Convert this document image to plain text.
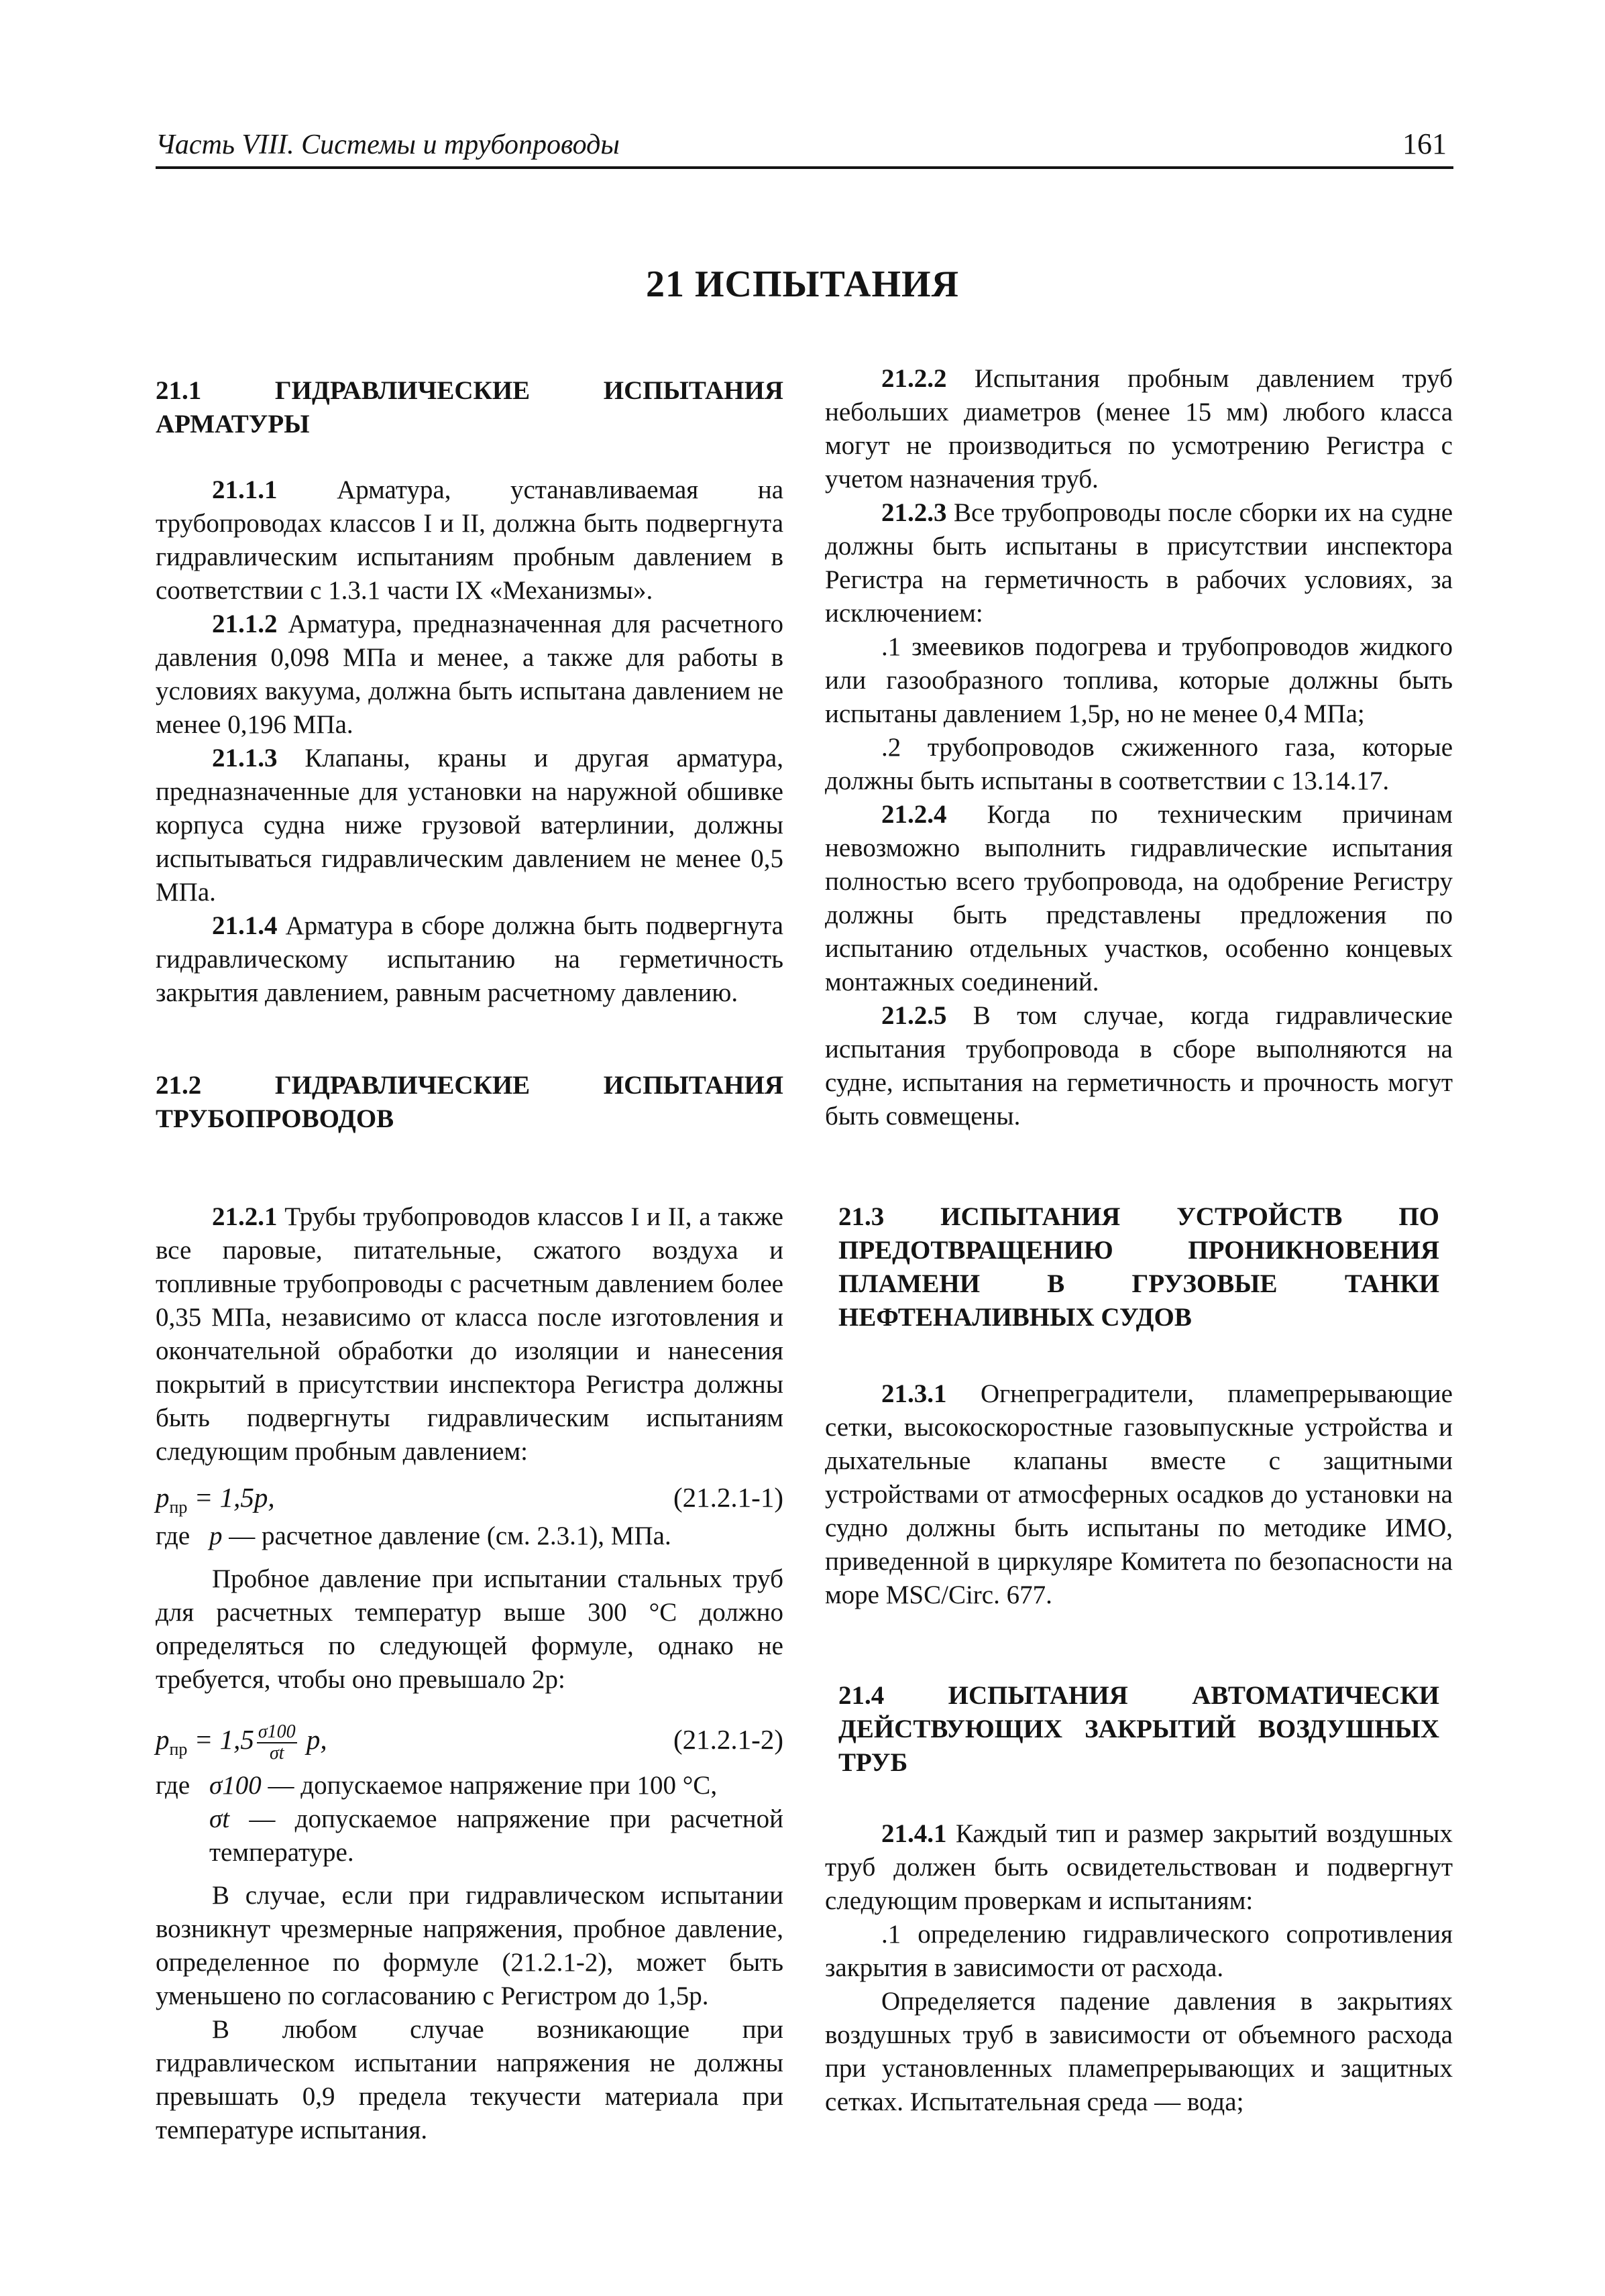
Часть VIII. Системы и трубопроводы	161
21 ИСПЫТАНИЯ

21.1 ГИДРАВЛИЧЕСКИЕ ИСПЫТАНИЯ АРМАТУРЫ

21.1.1 Арматура, устанавливаемая на трубопроводах классов I и II, должна быть подвергнута гидравлическим испытаниям пробным давлением в соответствии с 1.3.1 части IX «Механизмы».

21.1.2 Арматура, предназначенная для расчетного давления 0,098 МПа и менее, а также для работы в условиях вакуума, должна быть испытана давлением не менее 0,196 МПа.

21.1.3 Клапаны, краны и другая арматура, предназначенные для установки на наружной обшивке корпуса судна ниже грузовой ватерлинии, должны испытываться гидравлическим давлением не менее 0,5 МПа.

21.1.4 Арматура в сборе должна быть подвергнута гидравлическому испытанию на герметичность закрытия давлением, равным расчетному давлению.

21.2 ГИДРАВЛИЧЕСКИЕ ИСПЫТАНИЯ ТРУБОПРОВОДОВ

21.2.1 Трубы трубопроводов классов I и II, а также все паровые, питательные, сжатого воздуха и топливные трубопроводы с расчетным давлением более 0,35 МПа, независимо от класса после изготовления и окончательной обработки до изоляции и нанесения покрытий в присутствии инспектора Регистра должны быть подвергнуты гидравлическим испытаниям следующим пробным давлением:

$p_{пр} = 1,5p$,	(21.2.1-1)

где p — расчетное давление (см. 2.3.1), МПа.

Пробное давление при испытании стальных труб для расчетных температур выше 300 °С должно определяться по следующей формуле, однако не требуется, чтобы оно превышало 2p:

$p_{пр} = 1,5 \frac{\sigma 100}{\sigma t} p$,	(21.2.1-2)

где σ100 — допускаемое напряжение при 100 °С,

σt — допускаемое напряжение при расчетной температуре.

В случае, если при гидравлическом испытании возникнут чрезмерные напряжения, пробное давление, определенное по формуле (21.2.1-2), может быть уменьшено по согласованию с Регистром до 1,5p.

В любом случае возникающие при гидравлическом испытании напряжения не должны превышать 0,9 предела текучести материала при температуре испытания.

21.2.2 Испытания пробным давлением труб небольших диаметров (менее 15 мм) любого класса могут не производиться по усмотрению Регистра с учетом назначения труб.

21.2.3 Все трубопроводы после сборки их на судне должны быть испытаны в присутствии инспектора Регистра на герметичность в рабочих условиях, за исключением:

.1 змеевиков подогрева и трубопроводов жидкого или газообразного топлива, которые должны быть испытаны давлением 1,5p, но не менее 0,4 МПа;

.2 трубопроводов сжиженного газа, которые должны быть испытаны в соответствии с 13.14.17.

21.2.4 Когда по техническим причинам невозможно выполнить гидравлические испытания полностью всего трубопровода, на одобрение Регистру должны быть представлены предложения по испытанию отдельных участков, особенно концевых монтажных соединений.

21.2.5 В том случае, когда гидравлические испытания трубопровода в сборе выполняются на судне, испытания на герметичность и прочность могут быть совмещены.

21.3 ИСПЫТАНИЯ УСТРОЙСТВ ПО ПРЕДОТВРАЩЕНИЮ ПРОНИКНОВЕНИЯ ПЛАМЕНИ В ГРУЗОВЫЕ ТАНКИ НЕФТЕНАЛИВНЫХ СУДОВ

21.3.1 Огнепреградители, пламепрерывающие сетки, высокоскоростные газовыпускные устройства и дыхательные клапаны вместе с защитными устройствами от атмосферных осадков до установки на судно должны быть испытаны по методике ИМО, приведенной в циркуляре Комитета по безопасности на море MSC/Circ. 677.

21.4 ИСПЫТАНИЯ АВТОМАТИЧЕСКИ ДЕЙСТВУЮЩИХ ЗАКРЫТИЙ ВОЗДУШНЫХ ТРУБ

21.4.1 Каждый тип и размер закрытий воздушных труб должен быть освидетельствован и подвергнут следующим проверкам и испытаниям:

.1 определению гидравлического сопротивления закрытия в зависимости от расхода.

Определяется падение давления в закрытиях воздушных труб в зависимости от объемного расхода при установленных пламепрерывающих и защитных сетках. Испытательная среда — вода;
